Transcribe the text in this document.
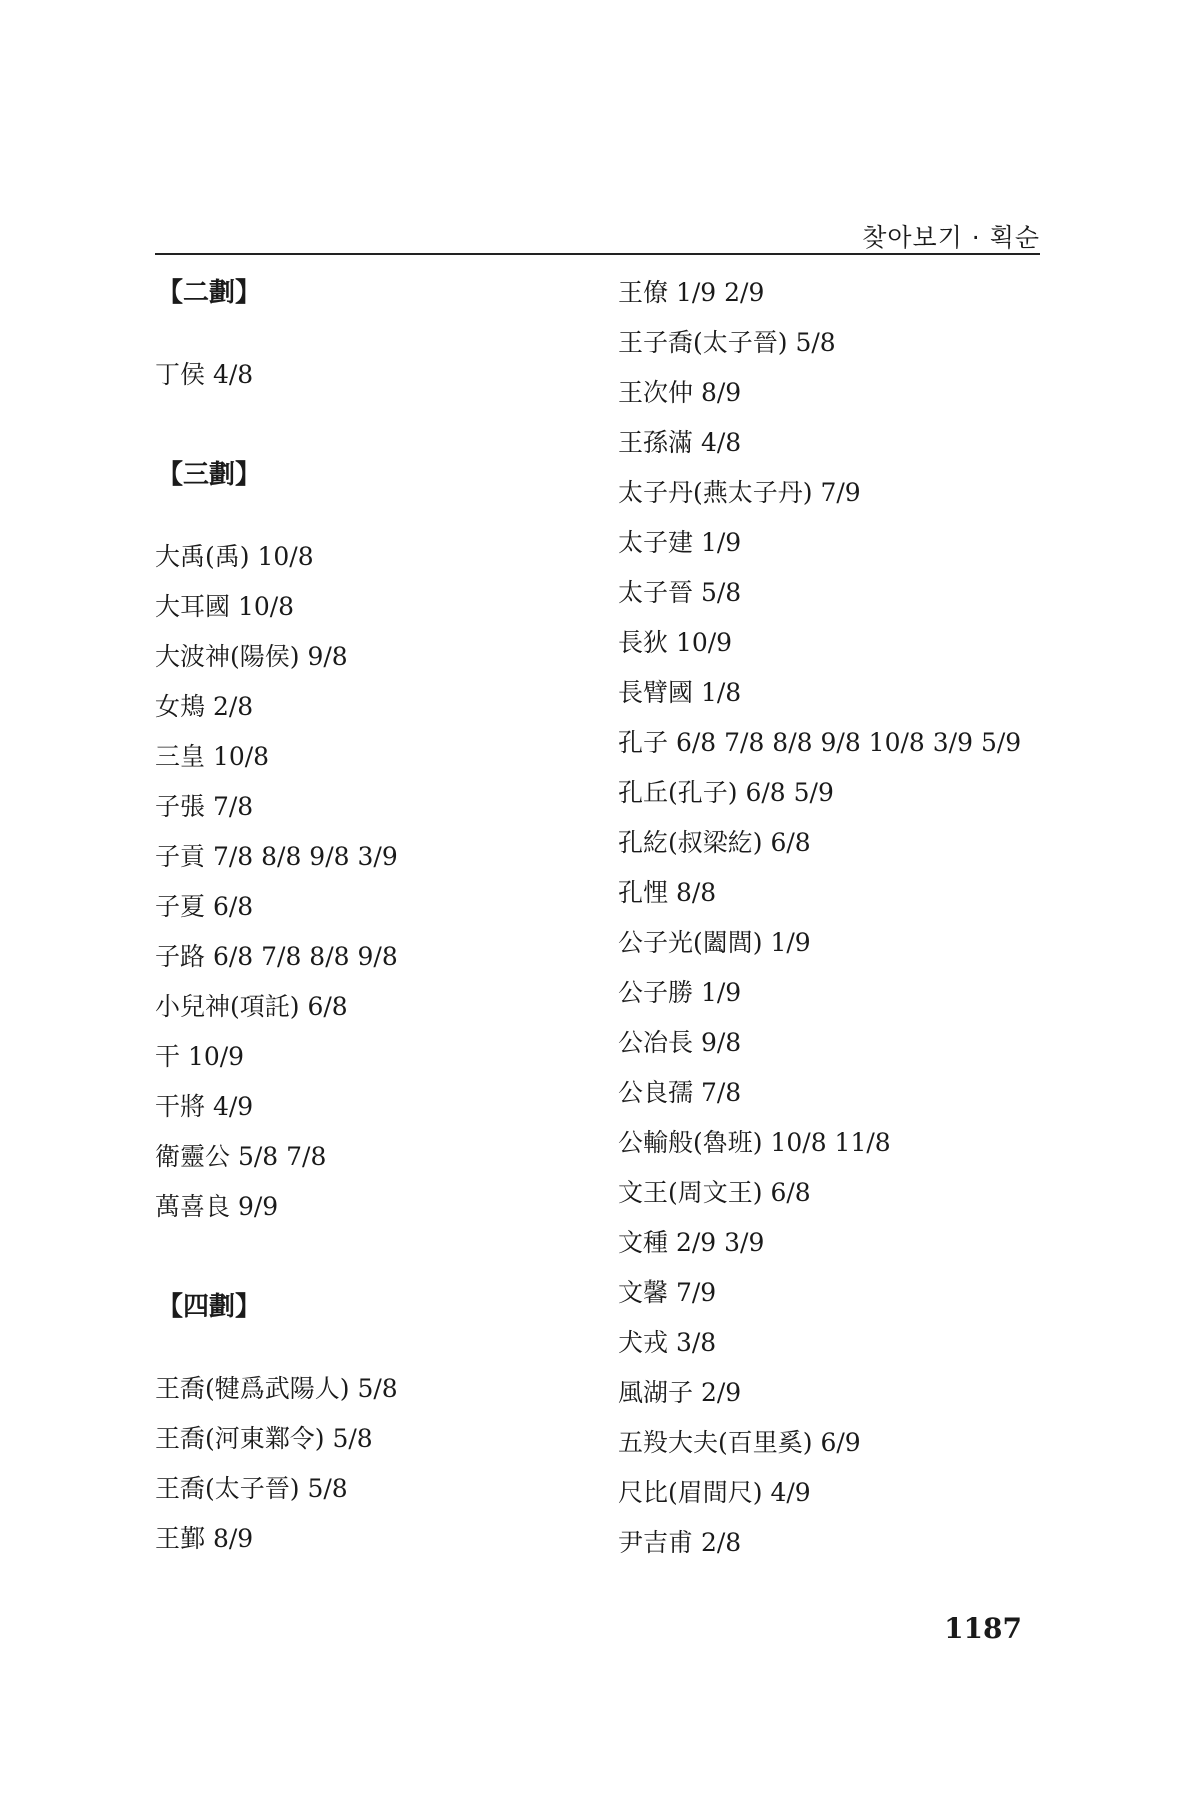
찾아보기 · 획순
【二劃】
丁侯 4/8
【三劃】
大禹(禹) 10/8
大耳國 10/8
大波神(陽侯) 9/8
女鳺 2/8
三皇 10/8
子張 7/8
子貢 7/8 8/8 9/8 3/9
子夏 6/8
子路 6/8 7/8 8/8 9/8
小兒神(項託) 6/8
干 10/9
干將 4/9
衛靈公 5/8 7/8
萬喜良 9/9
【四劃】
王喬(犍爲武陽人) 5/8
王喬(河東鄴令) 5/8
王喬(太子晉) 5/8
王鄞 8/9
王僚 1/9 2/9
王子喬(太子晉) 5/8
王次仲 8/9
王孫滿 4/8
太子丹(燕太子丹) 7/9
太子建 1/9
太子晉 5/8
長狄 10/9
長臂國 1/8
孔子 6/8 7/8 8/8 9/8 10/8 3/9 5/9
孔丘(孔子) 6/8 5/9
孔紇(叔梁紇) 6/8
孔悝 8/8
公子光(闔閭) 1/9
公子勝 1/9
公冶長 9/8
公良孺 7/8
公輸般(魯班) 10/8 11/8
文王(周文王) 6/8
文種 2/9 3/9
文馨 7/9
犬戎 3/8
風湖子 2/9
五羖大夫(百里奚) 6/9
尺比(眉間尺) 4/9
尹吉甫 2/8
1187
